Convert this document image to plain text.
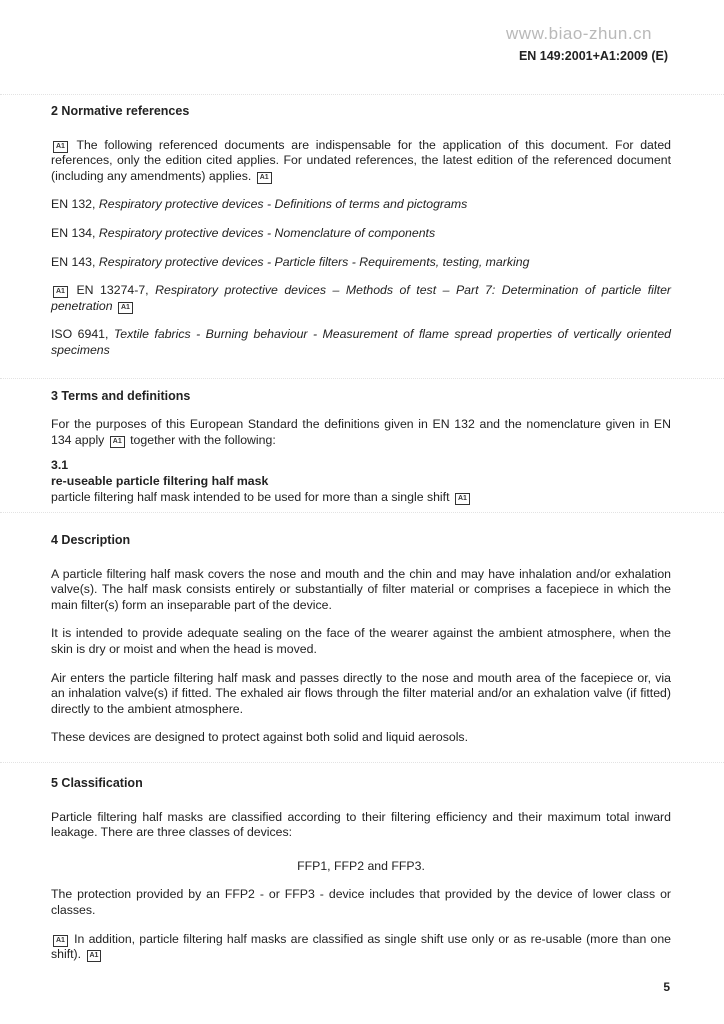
www.biao-zhun.cn
EN 149:2001+A1:2009 (E)
2 Normative references

A1 The following referenced documents are indispensable for the application of this document. For dated references, only the edition cited applies. For undated references, the latest edition of the referenced document (including any amendments) applies. A1

EN 132, Respiratory protective devices - Definitions of terms and pictograms

EN 134, Respiratory protective devices - Nomenclature of components

EN 143, Respiratory protective devices - Particle filters - Requirements, testing, marking

A1 EN 13274-7, Respiratory protective devices – Methods of test – Part 7: Determination of particle filter penetration A1

ISO 6941, Textile fabrics - Burning behaviour - Measurement of flame spread properties of vertically oriented specimens

3 Terms and definitions

For the purposes of this European Standard the definitions given in EN 132 and the nomenclature given in EN 134 apply A1 together with the following:

3.1

re-useable particle filtering half mask

particle filtering half mask intended to be used for more than a single shift A1

4 Description

A particle filtering half mask covers the nose and mouth and the chin and may have inhalation and/or exhalation valve(s). The half mask consists entirely or substantially of filter material or comprises a facepiece in which the main filter(s) form an inseparable part of the device.

It is intended to provide adequate sealing on the face of the wearer against the ambient atmosphere, when the skin is dry or moist and when the head is moved.

Air enters the particle filtering half mask and passes directly to the nose and mouth area of the facepiece or, via an inhalation valve(s) if fitted. The exhaled air flows through the filter material and/or an exhalation valve (if fitted) directly to the ambient atmosphere.

These devices are designed to protect against both solid and liquid aerosols.

5 Classification

Particle filtering half masks are classified according to their filtering efficiency and their maximum total inward leakage. There are three classes of devices:

FFP1, FFP2 and FFP3.

The protection provided by an FFP2 - or FFP3 - device includes that provided by the device of lower class or classes.

A1 In addition, particle filtering half masks are classified as single shift use only or as re-usable (more than one shift). A1

5
